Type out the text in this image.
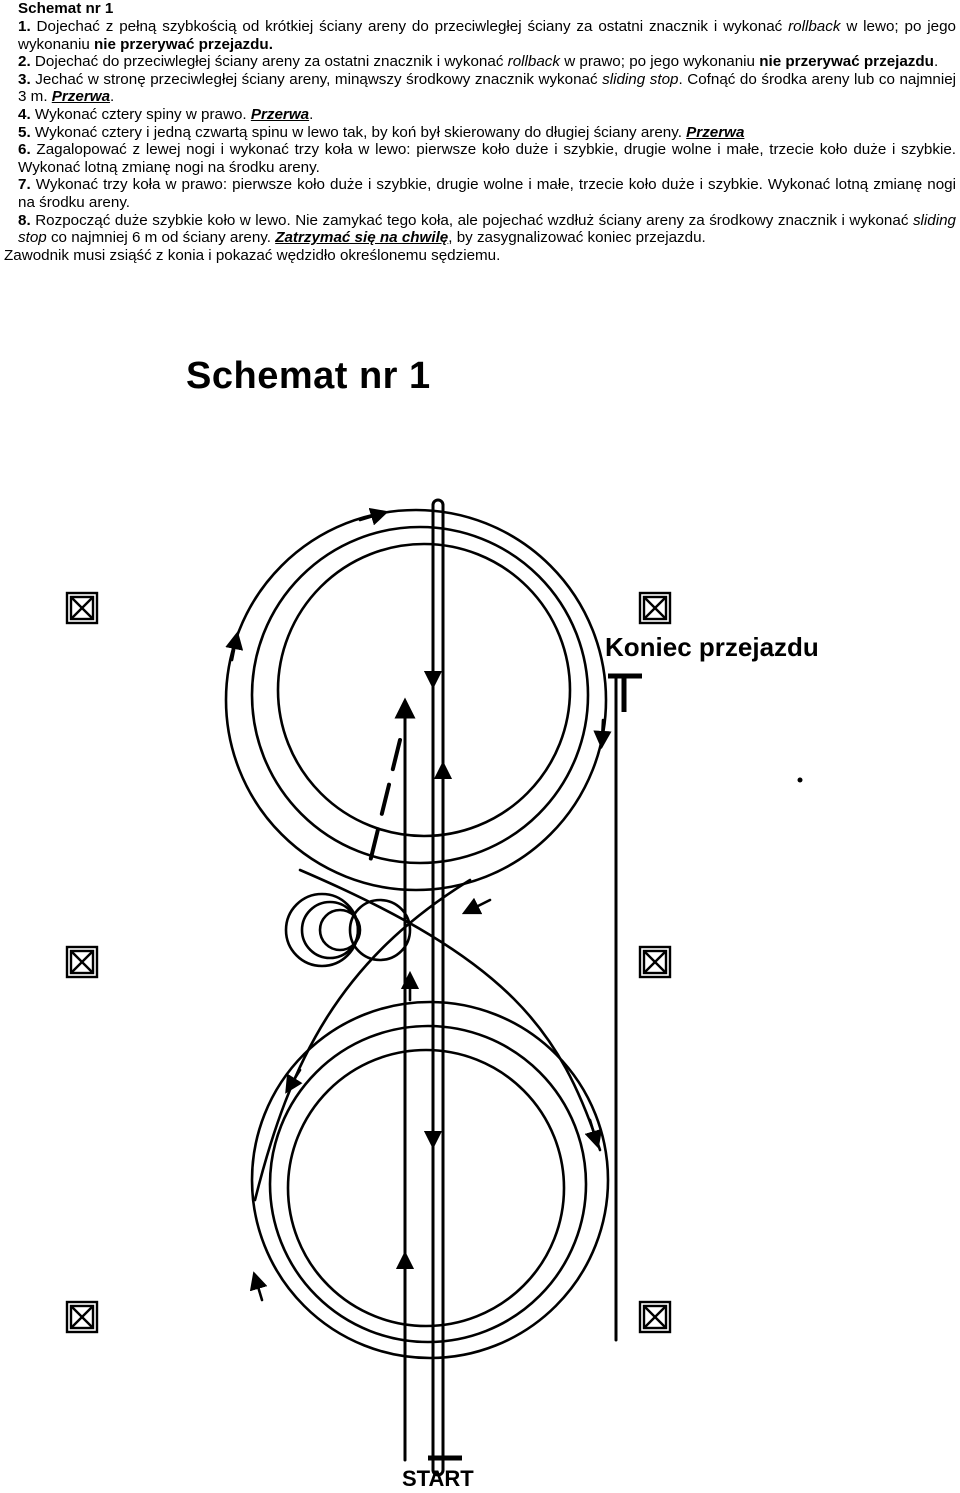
Schemat nr 1

1. Dojechać z pełną szybkością od krótkiej ściany areny do przeciwległej ściany za ostatni znacznik i wykonać rollback w lewo; po jego wykonaniu nie przerywać przejazdu.

2. Dojechać do przeciwległej ściany areny za ostatni znacznik i wykonać rollback w prawo; po jego wykonaniu nie przerywać przejazdu.

3. Jechać w stronę przeciwległej ściany areny, minąwszy środkowy znacznik wykonać sliding stop. Cofnąć do środka areny lub co najmniej 3 m. Przerwa.

4. Wykonać cztery spiny w prawo. Przerwa.

5. Wykonać cztery i jedną czwartą spinu w lewo tak, by koń był skierowany do długiej ściany areny. Przerwa

6. Zagalopować z lewej nogi i wykonać trzy koła w lewo: pierwsze koło duże i szybkie, drugie wolne i małe, trzecie koło duże i szybkie. Wykonać lotną zmianę nogi na środku areny.

7. Wykonać trzy koła w prawo: pierwsze koło duże i szybkie, drugie wolne i małe, trzecie koło duże i szybkie. Wykonać lotną zmianę nogi na środku areny.

8. Rozpocząć duże szybkie koło w lewo. Nie zamykać tego koła, ale pojechać wzdłuż ściany areny za środkowy znacznik i wykonać sliding stop co najmniej 6 m od ściany areny. Zatrzymać się na chwilę, by zasygnalizować koniec przejazdu.

Zawodnik musi zsiąść z konia i pokazać wędzidło określonemu sędziemu.

Schemat nr 1

Koniec przejazdu

START
